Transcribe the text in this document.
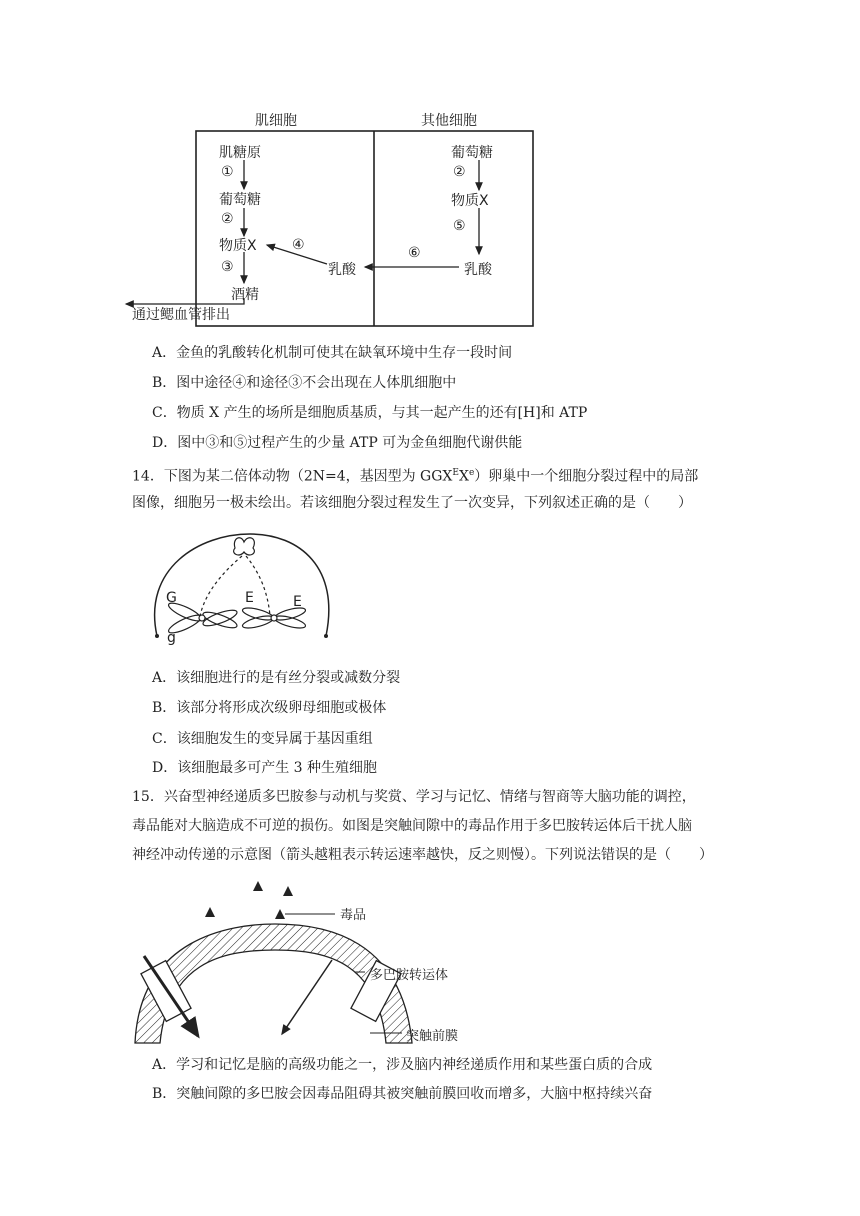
肌细胞	其他细胞
肌糖原
①
葡萄糖
②
物质X	④
③	乳酸
酒精
通过鳃血管排出
葡萄糖
②
物质X
⑤
⑥
乳酸
A．金鱼的乳酸转化机制可使其在缺氧环境中生存一段时间
B．图中途径④和途径③不会出现在人体肌细胞中
C．物质 X 产生的场所是细胞质基质，与其一起产生的还有[H]和 ATP
D．图中③和⑤过程产生的少量 ATP 可为金鱼细胞代谢供能
14．下图为某二倍体动物（2N=4，基因型为 $GGX^EXe$）卵巢中一个细胞分裂过程中的局部
图像，细胞另一极未绘出。若该细胞分裂过程发生了一次变异，下列叙述正确的是（　　）
G
g
E	E
A．该细胞进行的是有丝分裂或减数分裂
B．该部分将形成次级卵母细胞或极体
C．该细胞发生的变异属于基因重组
D．该细胞最多可产生 3 种生殖细胞
15．兴奋型神经递质多巴胺参与动机与奖赏、学习与记忆、情绪与智商等大脑功能的调控，
毒品能对大脑造成不可逆的损伤。如图是突触间隙中的毒品作用于多巴胺转运体后干扰人脑
神经冲动传递的示意图（箭头越粗表示转运速率越快，反之则慢）。下列说法错误的是（　　）
毒品
多巴胺转运体
突触前膜
A．学习和记忆是脑的高级功能之一，涉及脑内神经递质作用和某些蛋白质的合成
B．突触间隙的多巴胺会因毒品阻碍其被突触前膜回收而增多，大脑中枢持续兴奋
